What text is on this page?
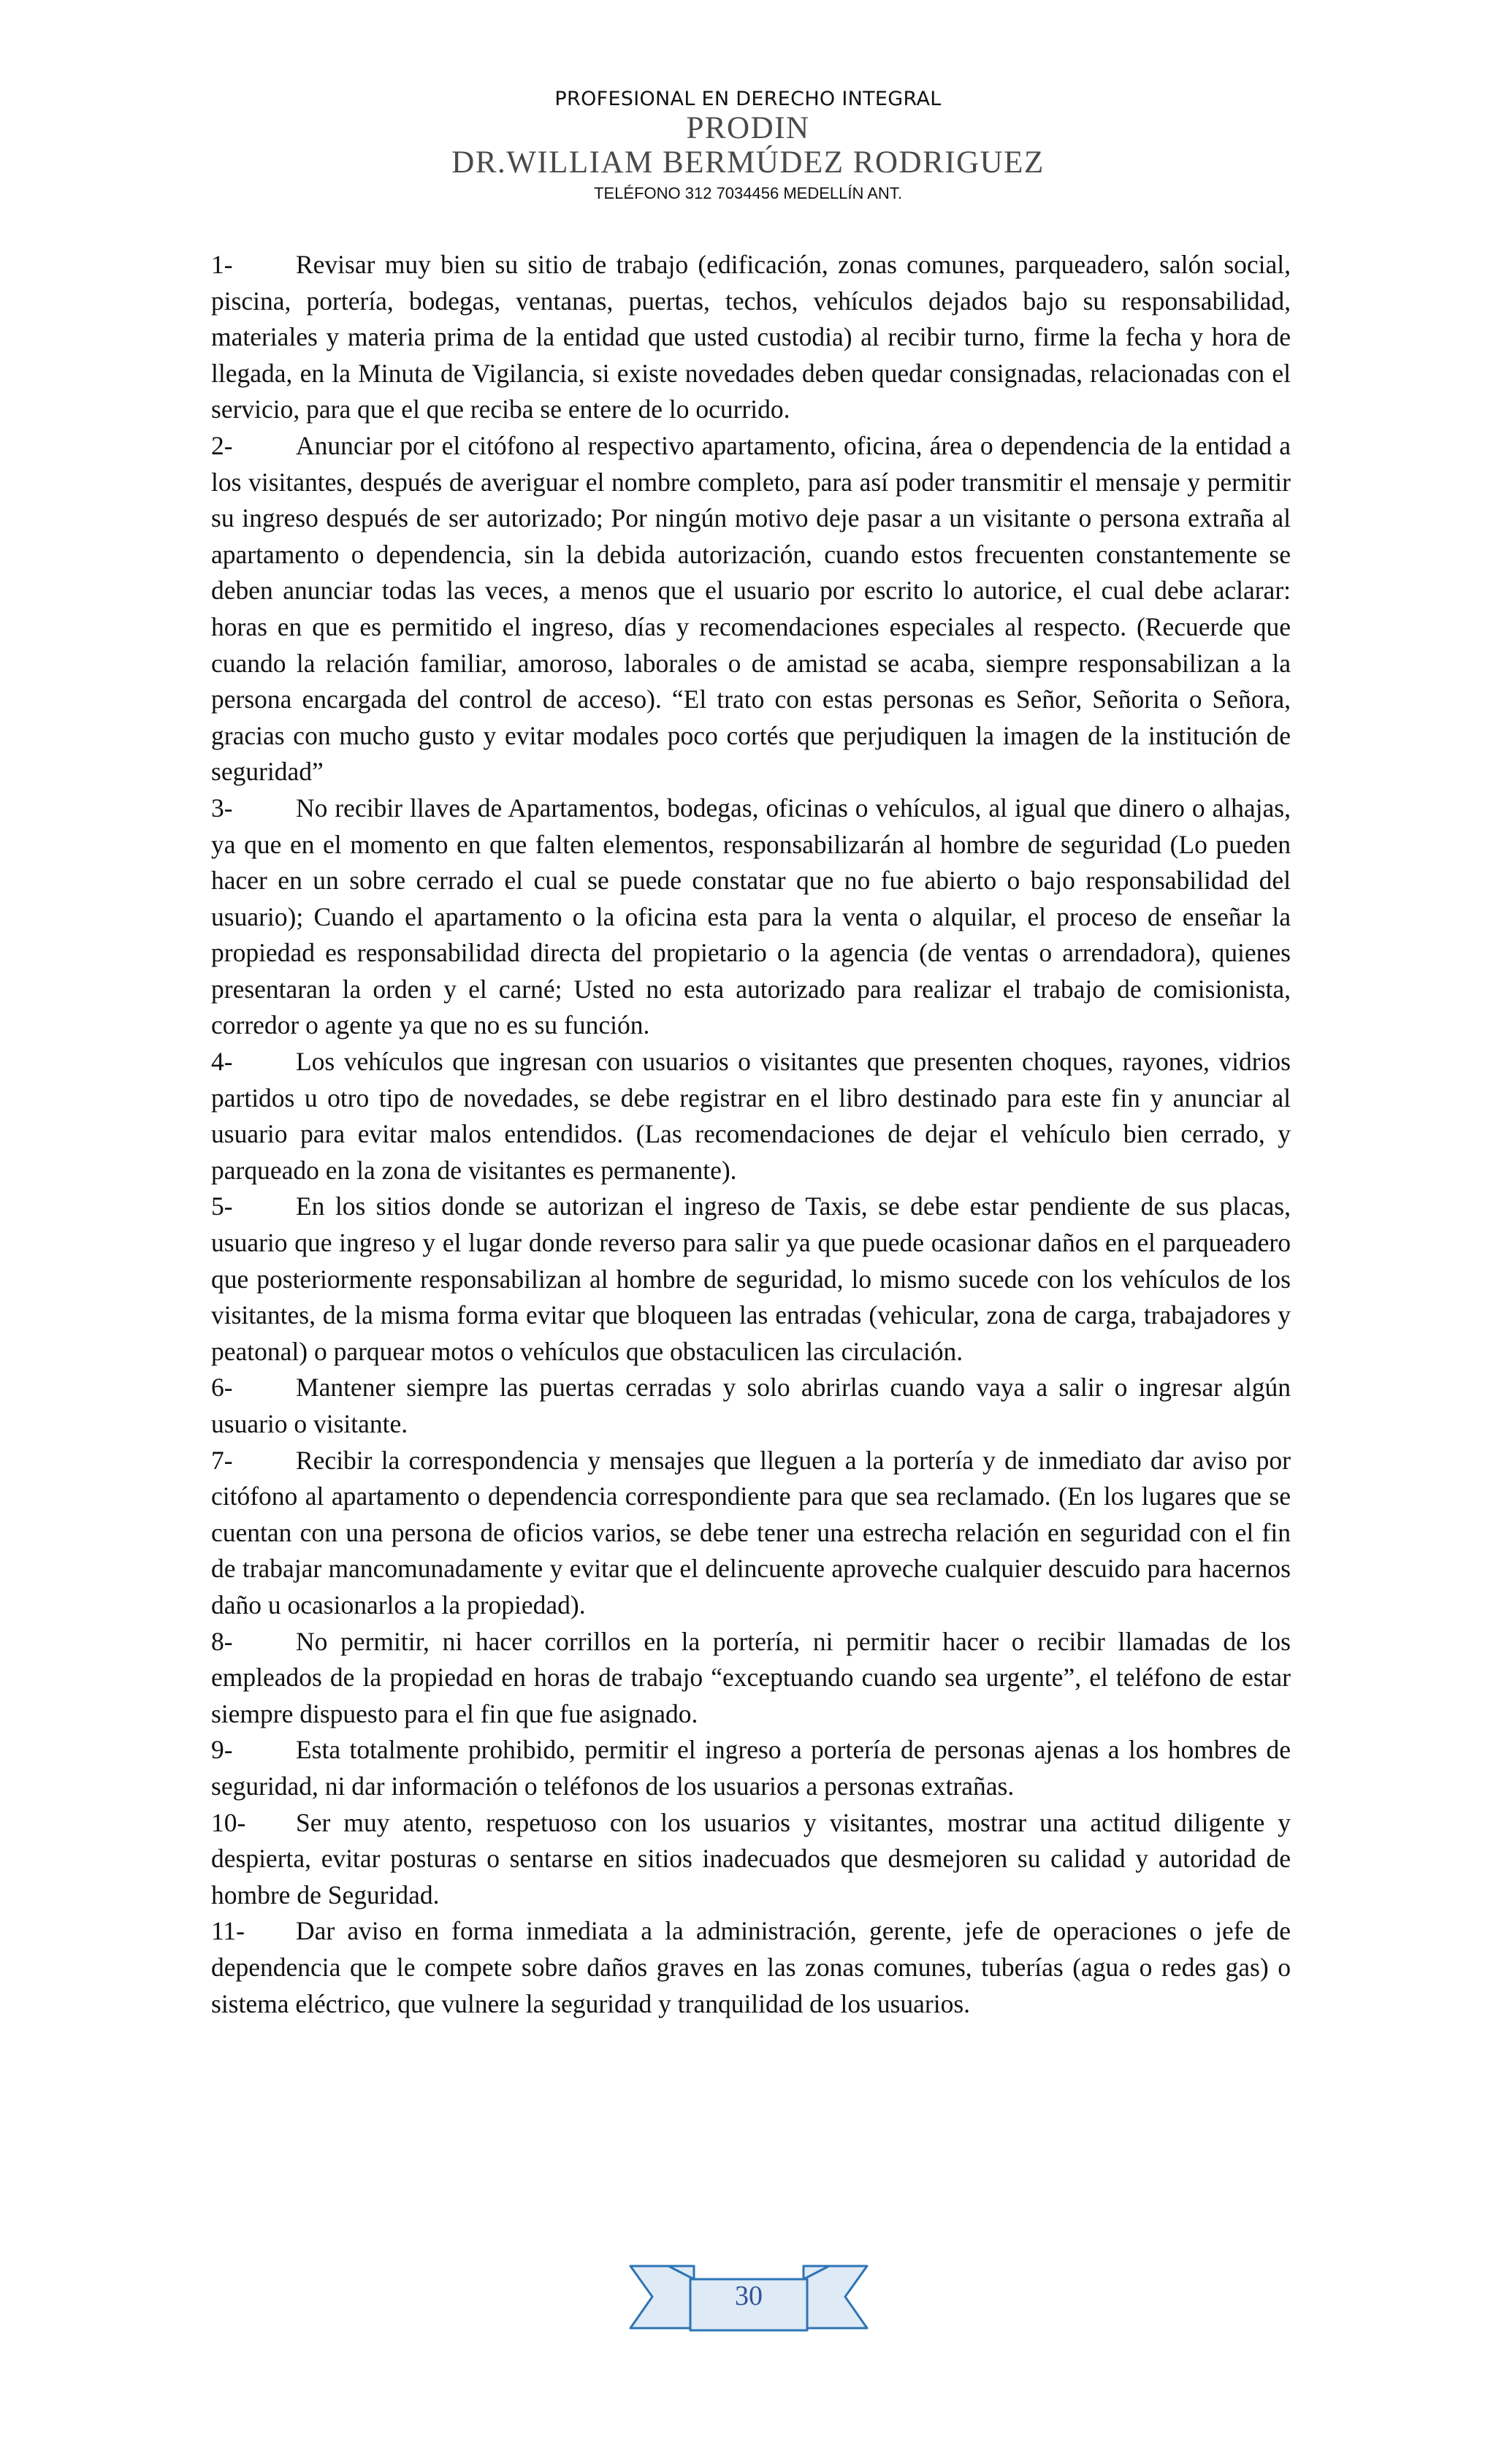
PROFESIONAL EN DERECHO INTEGRAL
PRODIN
DR.WILLIAM BERMÚDEZ RODRIGUEZ
TELÉFONO 312 7034456 MEDELLÍN ANT.

1- Revisar muy bien su sitio de trabajo (edificación, zonas comunes, parqueadero, salón social, piscina, portería, bodegas, ventanas, puertas, techos, vehículos dejados bajo su responsabilidad, materiales y materia prima de la entidad que usted custodia) al recibir turno, firme la fecha y hora de llegada, en la Minuta de Vigilancia, si existe novedades deben quedar consignadas, relacionadas con el servicio, para que el que reciba se entere de lo ocurrido.

2- Anunciar por el citófono al respectivo apartamento, oficina, área o dependencia de la entidad a los visitantes, después de averiguar el nombre completo, para así poder transmitir el mensaje y permitir su ingreso después de ser autorizado; Por ningún motivo deje pasar a un visitante o persona extraña al apartamento o dependencia, sin la debida autorización, cuando estos frecuenten constantemente se deben anunciar todas las veces, a menos que el usuario por escrito lo autorice, el cual debe aclarar: horas en que es permitido el ingreso, días y recomendaciones especiales al respecto. (Recuerde que cuando la relación familiar, amoroso, laborales o de amistad se acaba, siempre responsabilizan a la persona encargada del control de acceso). “El trato con estas personas es Señor, Señorita o Señora, gracias con mucho gusto y evitar modales poco cortés que perjudiquen la imagen de la institución de seguridad”

3- No recibir llaves de Apartamentos, bodegas, oficinas o vehículos, al igual que dinero o alhajas, ya que en el momento en que falten elementos, responsabilizarán al hombre de seguridad (Lo pueden hacer en un sobre cerrado el cual se puede constatar que no fue abierto o bajo responsabilidad del usuario); Cuando el apartamento o la oficina esta para la venta o alquilar, el proceso de enseñar la propiedad es responsabilidad directa del propietario o la agencia (de ventas o arrendadora), quienes presentaran la orden y el carné; Usted no esta autorizado para realizar el trabajo de comisionista, corredor o agente ya que no es su función.

4- Los vehículos que ingresan con usuarios o visitantes que presenten choques, rayones, vidrios partidos u otro tipo de novedades, se debe registrar en el libro destinado para este fin y anunciar al usuario para evitar malos entendidos. (Las recomendaciones de dejar el vehículo bien cerrado, y parqueado en la zona de visitantes es permanente).

5- En los sitios donde se autorizan el ingreso de Taxis, se debe estar pendiente de sus placas, usuario que ingreso y el lugar donde reverso para salir ya que puede ocasionar daños en el parqueadero que posteriormente responsabilizan al hombre de seguridad, lo mismo sucede con los vehículos de los visitantes, de la misma forma evitar que bloqueen las entradas (vehicular, zona de carga, trabajadores y peatonal) o parquear motos o vehículos que obstaculicen las circulación.

6- Mantener siempre las puertas cerradas y solo abrirlas cuando vaya a salir o ingresar algún usuario o visitante.

7- Recibir la correspondencia y mensajes que lleguen a la portería y de inmediato dar aviso por citófono al apartamento o dependencia correspondiente para que sea reclamado. (En los lugares que se cuentan con una persona de oficios varios, se debe tener una estrecha relación en seguridad con el fin de trabajar mancomunadamente y evitar que el delincuente aproveche cualquier descuido para hacernos daño u ocasionarlos a la propiedad).

8- No permitir, ni hacer corrillos en la portería, ni permitir hacer o recibir llamadas de los empleados de la propiedad en horas de trabajo “exceptuando cuando sea urgente”, el teléfono de estar siempre dispuesto para el fin que fue asignado.

9- Esta totalmente prohibido, permitir el ingreso a portería de personas ajenas a los hombres de seguridad, ni dar información o teléfonos de los usuarios a personas extrañas.

10- Ser muy atento, respetuoso con los usuarios y visitantes, mostrar una actitud diligente y despierta, evitar posturas o sentarse en sitios inadecuados que desmejoren su calidad y autoridad de hombre de Seguridad.

11- Dar aviso en forma inmediata a la administración, gerente, jefe de operaciones o jefe de dependencia que le compete sobre daños graves en las zonas comunes, tuberías (agua o redes gas) o sistema eléctrico, que vulnere la seguridad y tranquilidad de los usuarios.

30
